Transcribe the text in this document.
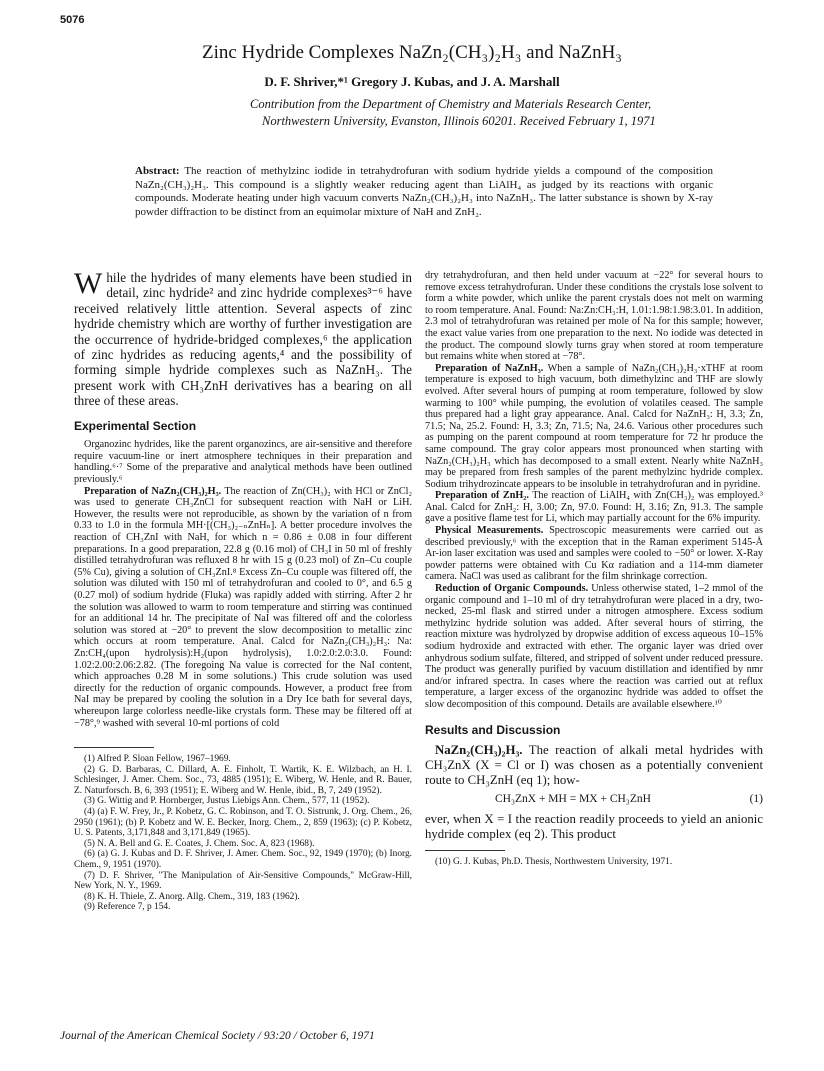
5076
Zinc Hydride Complexes NaZn₂(CH₃)₂H₃ and NaZnH₃
D. F. Shriver,*¹ Gregory J. Kubas, and J. A. Marshall
Contribution from the Department of Chemistry and Materials Research Center,
Northwestern University, Evanston, Illinois 60201. Received February 1, 1971
Abstract: The reaction of methylzinc iodide in tetrahydrofuran with sodium hydride yields a compound of the composition NaZn₂(CH₃)₂H₃. This compound is a slightly weaker reducing agent than LiAlH₄ as judged by its reactions with organic compounds. Moderate heating under high vacuum converts NaZn₂(CH₃)₂H₃ into NaZnH₃. The latter substance is shown by X-ray powder diffraction to be distinct from an equimolar mixture of NaH and ZnH₂.

While the hydrides of many elements have been studied in detail, zinc hydride² and zinc hydride complexes³⁻⁶ have received relatively little attention. Several aspects of zinc hydride chemistry which are worthy of further investigation are the occurrence of hydride-bridged complexes,⁶ the application of zinc hydrides as reducing agents,⁴ and the possibility of forming simple hydride complexes such as NaZnH₃. The present work with CH₃ZnH derivatives has a bearing on all three of these areas.

Experimental Section

Organozinc hydrides, like the parent organozincs, are air-sensitive and therefore require vacuum-line or inert atmosphere techniques in their preparation and handling.⁶·⁷ Some of the preparative and analytical methods have been outlined previously.⁶

Preparation of NaZn₂(CH₃)₂H₃. The reaction of Zn(CH₃)₂ with HCl or ZnCl₂ was used to generate CH₃ZnCl for subsequent reaction with NaH or LiH. However, the results were not reproducible, as shown by the variation of n from 0.33 to 1.0 in the formula MH·[(CH₃)₂₋ₙZnHₙ]. A better procedure involves the reaction of CH₃ZnI with NaH, for which n = 0.86 ± 0.08 in four different preparations. In a good preparation, 22.8 g (0.16 mol) of CH₃I in 50 ml of freshly distilled tetrahydrofuran was refluxed 8 hr with 15 g (0.23 mol) of Zn–Cu couple (5% Cu), giving a solution of CH₃ZnI.⁸ Excess Zn–Cu couple was filtered off, the solution was diluted with 150 ml of tetrahydrofuran and cooled to 0°, and 6.5 g (0.27 mol) of sodium hydride (Fluka) was rapidly added with stirring. After 2 hr the solution was allowed to warm to room temperature and stirring was continued for an additional 14 hr. The precipitate of NaI was filtered off and the colorless solution was stored at −20° to prevent the slow decomposition to metallic zinc which occurs at room temperature. Anal. Calcd for NaZn₂(CH₃)₂H₃: Na: Zn:CH₄(upon hydrolysis):H₂(upon hydrolysis), 1.0:2.0:2.0:3.0. Found: 1.02:2.00:2.06:2.82. (The foregoing Na value is corrected for the NaI content, which approaches 0.28 M in some solutions.) This crude solution was used directly for the reduction of organic compounds. However, a product free from NaI may be prepared by cooling the solution in a Dry Ice bath for several days, whereupon large colorless needle-like crystals form. These may be filtered off at −78°,⁹ washed with several 10-ml portions of cold

(1) Alfred P. Sloan Fellow, 1967–1969.

(2) G. D. Barbaras, C. Dillard, A. E. Finholt, T. Wartik, K. E. Wilzbach, an H. I. Schlesinger, J. Amer. Chem. Soc., 73, 4885 (1951); E. Wiberg, W. Henle, and R. Bauer, Z. Naturforsch. B, 6, 393 (1951); E. Wiberg and W. Henle, ibid., B, 7, 249 (1952).

(3) G. Wittig and P. Hornberger, Justus Liebigs Ann. Chem., 577, 11 (1952).

(4) (a) F. W. Frey, Jr., P. Kobetz, G. C. Robinson, and T. O. Sistrunk, J. Org. Chem., 26, 2950 (1961); (b) P. Kobetz and W. E. Becker, Inorg. Chem., 2, 859 (1963); (c) P. Kobetz, U. S. Patents, 3,171,848 and 3,171,849 (1965).

(5) N. A. Bell and G. E. Coates, J. Chem. Soc. A, 823 (1968).

(6) (a) G. J. Kubas and D. F. Shriver, J. Amer. Chem. Soc., 92, 1949 (1970); (b) Inorg. Chem., 9, 1951 (1970).

(7) D. F. Shriver, "The Manipulation of Air-Sensitive Compounds," McGraw-Hill, New York, N. Y., 1969.

(8) K. H. Thiele, Z. Anorg. Allg. Chem., 319, 183 (1962).

(9) Reference 7, p 154.

dry tetrahydrofuran, and then held under vacuum at −22° for several hours to remove excess tetrahydrofuran. Under these conditions the crystals lose solvent to form a white powder, which unlike the parent crystals does not melt on warming to room temperature. Anal. Found: Na:Zn:CH₃:H, 1.01:1.98:1.98:3.01. In addition, 2.3 mol of tetrahydrofuran was retained per mole of Na for this sample; however, the exact value varies from one preparation to the next. No iodide was detected in the product. The compound slowly turns gray when stored at room temperature but remains white when stored at −78°.

Preparation of NaZnH₃. When a sample of NaZn₂(CH₃)₂H₃·xTHF at room temperature is exposed to high vacuum, both dimethylzinc and THF are slowly evolved. After several hours of pumping at room temperature, followed by slow warming to 100° while pumping, the evolution of volatiles ceased. The sample thus prepared had a light gray appearance. Anal. Calcd for NaZnH₃: H, 3.3; Zn, 71.5; Na, 25.2. Found: H, 3.3; Zn, 71.5; Na, 24.6. Various other procedures such as pumping on the parent compound at room temperature for 72 hr produce the same compound. The gray color appears most pronounced when starting with NaZn₂(CH₃)₂H₃ which has decomposed to a small extent. Nearly white NaZnH₃ may be prepared from fresh samples of the parent methylzinc hydride complex. Sodium trihydrozincate appears to be insoluble in tetrahydrofuran and in pyridine.

Preparation of ZnH₂. The reaction of LiAlH₄ with Zn(CH₃)₂ was employed.³ Anal. Calcd for ZnH₂: H, 3.00; Zn, 97.0. Found: H, 3.16; Zn, 91.3. The sample gave a positive flame test for Li, which may partially account for the 6% impurity.

Physical Measurements. Spectroscopic measurements were carried out as described previously,⁶ with the exception that in the Raman experiment 5145-Å Ar-ion laser excitation was used and samples were cooled to −50° or lower. X-Ray powder patterns were obtained with Cu Kα radiation and a 114-mm diameter camera. NaCl was used as calibrant for the film shrinkage correction.

Reduction of Organic Compounds. Unless otherwise stated, 1–2 mmol of the organic compound and 1–10 ml of dry tetrahydrofuran were placed in a dry, two-necked, 25-ml flask and stirred under a nitrogen atmosphere. Excess sodium methylzinc hydride solution was added. After several hours of stirring, the reaction mixture was hydrolyzed by dropwise addition of excess aqueous 10–15% sodium hydroxide and extracted with ether. The organic layer was dried over anhydrous sodium sulfate, filtered, and stripped of solvent under reduced pressure. The product was generally purified by vacuum distillation and identified by nmr and/or infrared spectra. In cases where the reaction was carried out at reflux temperature, a larger excess of the organozinc hydride was added to offset the slow decomposition of this compound. Details are available elsewhere.¹⁰

Results and Discussion

NaZn₂(CH₃)₂H₃. The reaction of alkali metal hydrides with CH₃ZnX (X = Cl or I) was chosen as a potentially convenient route to CH₃ZnH (eq 1); how-

CH₃ZnX + MH = MX + CH₃ZnH	(1)

ever, when X = I the reaction readily proceeds to yield an anionic hydride complex (eq 2). This product

(10) G. J. Kubas, Ph.D. Thesis, Northwestern University, 1971.

Journal of the American Chemical Society / 93:20 / October 6, 1971
